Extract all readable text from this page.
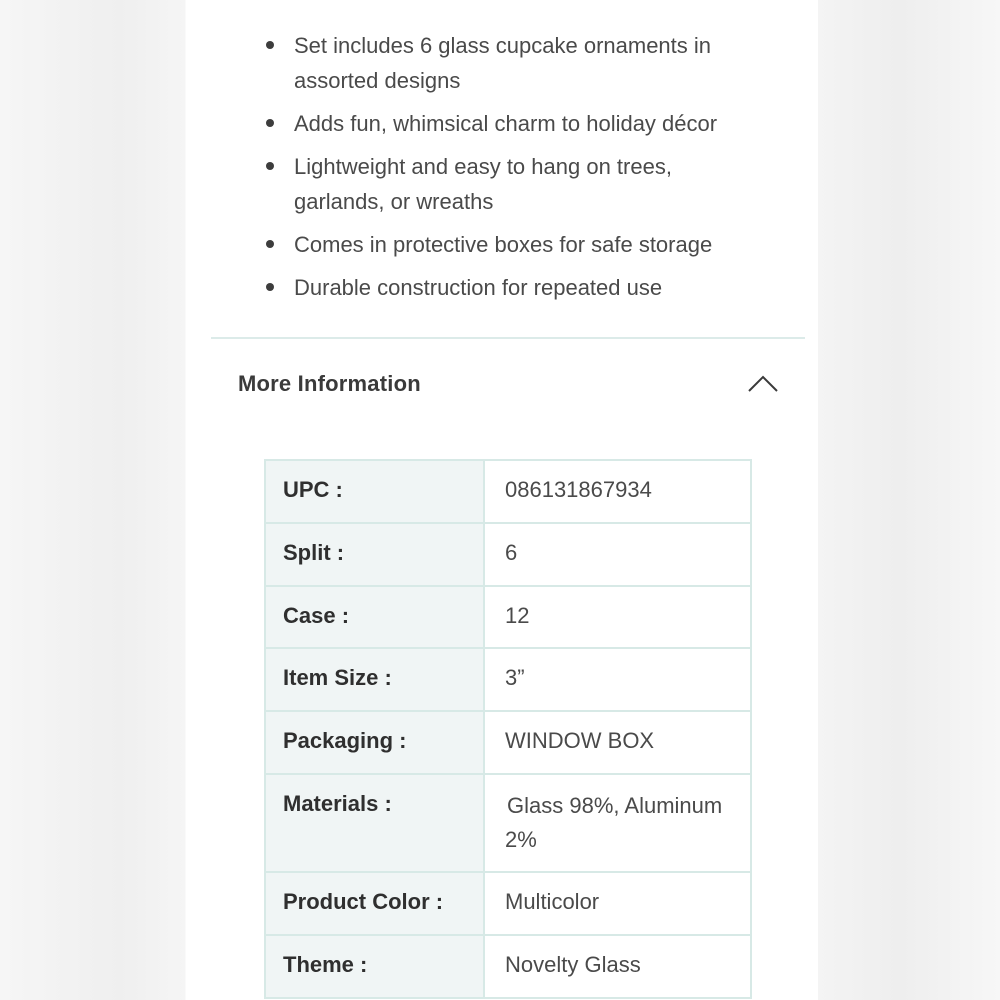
Set includes 6 glass cupcake ornaments in assorted designs
Adds fun, whimsical charm to holiday décor
Lightweight and easy to hang on trees, garlands, or wreaths
Comes in protective boxes for safe storage
Durable construction for repeated use
More Information
UPC :	086131867934
Split :	6
Case :	12
Item Size :	3”
Packaging :	WINDOW BOX
Materials :	Glass 98%, Aluminum 2%
Product Color :	Multicolor
Theme :	Novelty Glass
